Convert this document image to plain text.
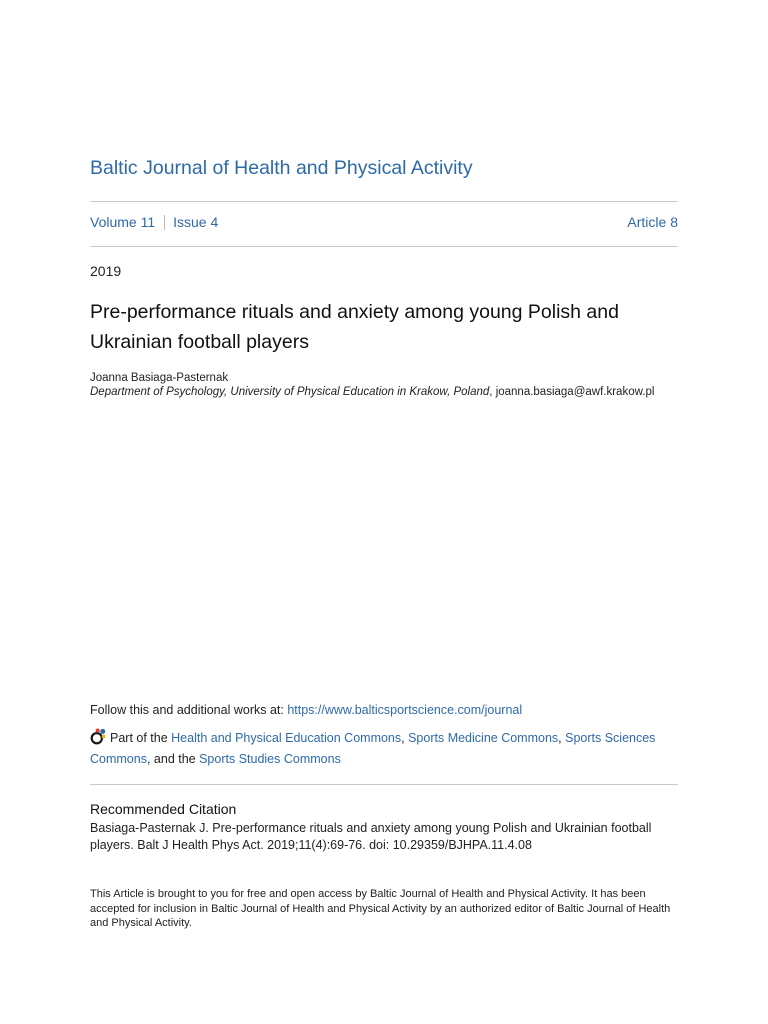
Baltic Journal of Health and Physical Activity
Volume 11 Issue 4	Article 8
2019
Pre-performance rituals and anxiety among young Polish and Ukrainian football players
Joanna Basiaga-Pasternak
Department of Psychology, University of Physical Education in Krakow, Poland, joanna.basiaga@awf.krakow.pl
Follow this and additional works at: https://www.balticsportscience.com/journal
Part of the Health and Physical Education Commons, Sports Medicine Commons, Sports Sciences Commons, and the Sports Studies Commons
Recommended Citation
Basiaga-Pasternak J. Pre-performance rituals and anxiety among young Polish and Ukrainian football players. Balt J Health Phys Act. 2019;11(4):69-76. doi: 10.29359/BJHPA.11.4.08
This Article is brought to you for free and open access by Baltic Journal of Health and Physical Activity. It has been accepted for inclusion in Baltic Journal of Health and Physical Activity by an authorized editor of Baltic Journal of Health and Physical Activity.
